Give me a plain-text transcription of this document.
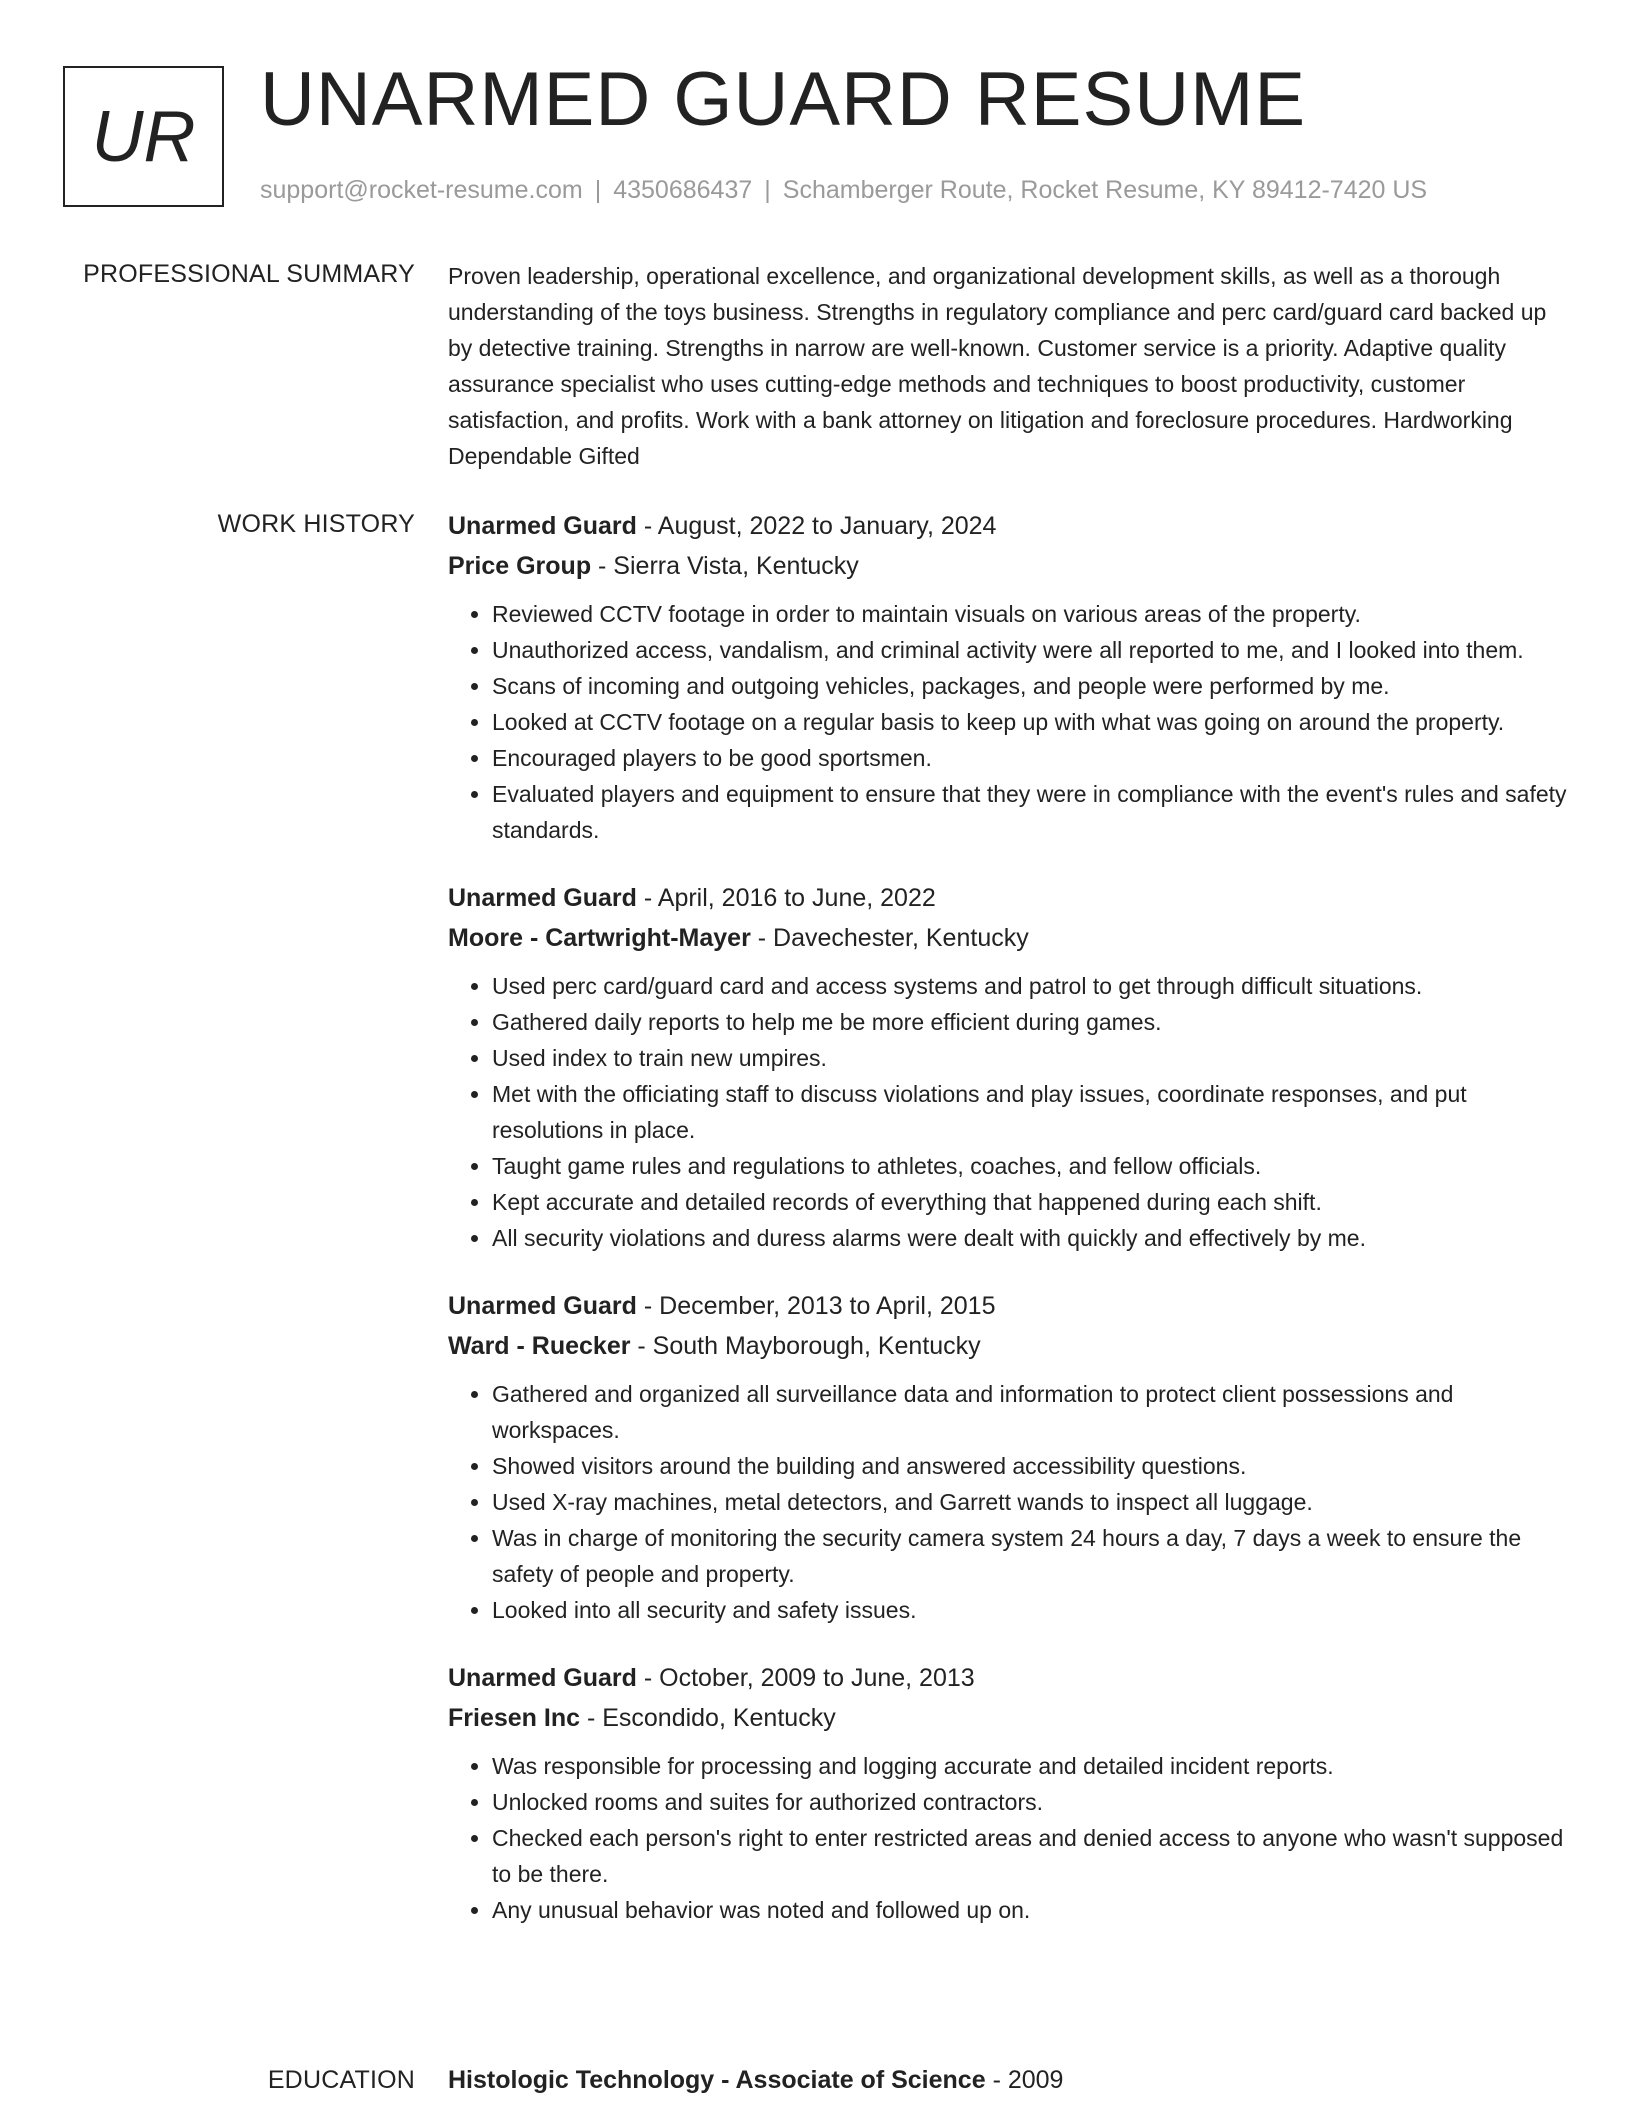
UR UNARMED GUARD RESUME
support@rocket-resume.com | 4350686437 | Schamberger Route, Rocket Resume, KY 89412-7420 US
PROFESSIONAL SUMMARY Proven leadership, operational excellence, and organizational development skills, as well as a thorough understanding of the toys business. Strengths in regulatory compliance and perc card/guard card backed up by detective training. Strengths in narrow are well-known. Customer service is a priority. Adaptive quality assurance specialist who uses cutting-edge methods and techniques to boost productivity, customer satisfaction, and profits. Work with a bank attorney on litigation and foreclosure procedures. Hardworking Dependable Gifted

WORK HISTORY Unarmed Guard - August, 2022 to January, 2024

Price Group - Sierra Vista, Kentucky

• Reviewed CCTV footage in order to maintain visuals on various areas of the property.
• Unauthorized access, vandalism, and criminal activity were all reported to me, and I looked into them.
• Scans of incoming and outgoing vehicles, packages, and people were performed by me.
• Looked at CCTV footage on a regular basis to keep up with what was going on around the property.
• Encouraged players to be good sportsmen.
• Evaluated players and equipment to ensure that they were in compliance with the event's rules and safety standards.

Unarmed Guard - April, 2016 to June, 2022

Moore - Cartwright-Mayer - Davechester, Kentucky

• Used perc card/guard card and access systems and patrol to get through difficult situations.
• Gathered daily reports to help me be more efficient during games.
• Used index to train new umpires.
• Met with the officiating staff to discuss violations and play issues, coordinate responses, and put resolutions in place.
• Taught game rules and regulations to athletes, coaches, and fellow officials.
• Kept accurate and detailed records of everything that happened during each shift.
• All security violations and duress alarms were dealt with quickly and effectively by me.

Unarmed Guard - December, 2013 to April, 2015

Ward - Ruecker - South Mayborough, Kentucky

• Gathered and organized all surveillance data and information to protect client possessions and workspaces.
• Showed visitors around the building and answered accessibility questions.
• Used X-ray machines, metal detectors, and Garrett wands to inspect all luggage.
• Was in charge of monitoring the security camera system 24 hours a day, 7 days a week to ensure the safety of people and property.
• Looked into all security and safety issues.

Unarmed Guard - October, 2009 to June, 2013

Friesen Inc - Escondido, Kentucky

• Was responsible for processing and logging accurate and detailed incident reports.
• Unlocked rooms and suites for authorized contractors.
• Checked each person's right to enter restricted areas and denied access to anyone who wasn't supposed to be there.
• Any unusual behavior was noted and followed up on.
EDUCATION Histologic Technology - Associate of Science - 2009
